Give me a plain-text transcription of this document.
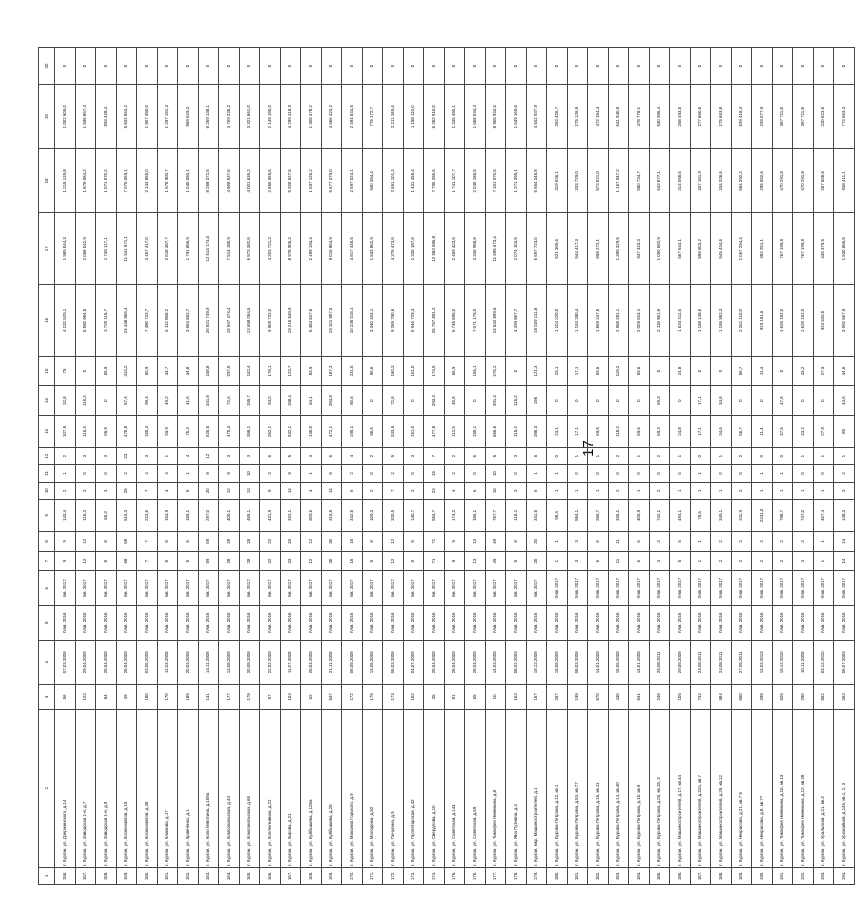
17
1	2	3	4	5	6	7	8	9	10	11	12	13	14	15	16	17	18	19	20
156.	г. Курган, ул. Дзержинского, д.14	56	07.03.2008	IVкв. 2016	Iкв. 2017	9	9	143,4	2	1	2	107,8	32,8	75	4 232 529,1	1 989 044,3	1 215 139,8	1 002 605,0	0
157.	г. Курган, ул. Заводская 1-я, д.7	123	29.04.2008	IVкв. 2016	Iкв. 2017	12	12	116,3	3	0	3	116,3	116,3	0	5 550 984,5	2 068 042,9	1 876 084,2	1 596 857,4	0
158.	г. Курган, ул. Заводская 1-я, д.9	84	25.04.2008	IVкв. 2016	Iкв. 2017	8	8	65,3	3	0	3	65,9	0	65,9	3 720 115,7	1 748 117,1	1 071 570,2	893 428,4	0
159.	г. Курган, ул. Космонавтов, д.15	49	25.04.2008	IVкв. 2016	Iкв. 2017	68	68	516,3	25	2	23	470,8	57,4	413,2	24 448 806,4	11 541 871,1	7 075 069,1	5 832 863,2	0
160.	г. Курган, ул. Космонавтов, д.38	180	03.06.2008	IVкв. 2016	Iкв. 2017	7	7	223,6	7	4	3	160,3	99,4	60,9	7 480 733,7	3 457 417,0	2 143 865,0	1 807 450,0	0
161.	г. Курган, ул. Климова, д.17	170	11.03.2008	IVкв. 2016	Iкв. 2017	8	8	154,9	4	3	1	93,9	49,2	44,7	6 112 868,2	2 618 387,7	1 678 900,7	1 297 151,3	0
162.	г. Курган, ул. Кравченко, д.1	186	20.03.2008	IVкв. 2016	Iкв. 2017	5	5	155,1	5	1	4	76,3	41,6	34,8	3 654 652,7	1 791 856,9	1 040 050,1	859 629,3	0
163.	г. Курган, ул. Коли Мяготина, д.159а	141	14.11.2008	IVкв. 2016	Iкв. 2017	59	59	297,0	20	8	12	620,6	341,8	248,8	26 821 749,9	12 614 174,0	8 268 372,5	6 269 138,1	0
164.	г. Курган, ул. Комсомольская, д.44	177	13.08.2008	IVкв. 2016	Iкв. 2017	28	28	400,1	12	9	3	470,4	72,6	297,8	15 947 474,4	7 514 180,9	4 808 537,6	3 769 235,2	0
165.	г. Курган, ул. Комсомольская, д.68	178	20.08.2008	IVкв. 2016	Iкв. 2017	28	28	465,1	13	10	3	358,1	155,7	242,4	13 658 054,6	6 573 382,6	4 001 636,2	3 321 661,0	0
166.	г. Курган, ул. Коллективная, д.22	57	22.02.2008	IVкв. 2016	Iкв. 2017	22	22	431,9	9	3	6	262,1	94,0	178,1	9 909 732,0	4 203 721,2	2 856 659,6	2 149 150,0	0
167.	г. Курган, ул. Кирова, д.21	104	11.07.2008	IVкв. 2016	Iкв. 2017	33	33	332,1	14	9	5	332,1	158,4	123,7	19 216 549,9	8 978 906,2	5 928 527,5	4 299 418,9	0
168.	г. Курган, ул. Куйбышева, д.125а	62	25.04.2008	IVкв. 2016	Iкв. 2017	12	12	209,6	4	1	3	136,0	54,1	83,9	5 484 637,6	2 499 194,4	1 697 126,2	1 308 478,2	0
169.	г. Курган, ул. Куйбышева, д.28	547	21.11.2008	IVкв. 2016	Iкв. 2017	30	30	315,5	14	8	6	472,1	284,8	187,3	19 101 807,6	9 015 864,9	5 677 379,0	4 556 423,2	0
170.	г. Курган, ул. Максима Горького, д.9	172	06.05.2008	IVкв. 2016	Iкв. 2017	16	16	342,6	6	2	4	195,1	60,6	231,5	10 236 015,1	4 817 446,5	2 697 024,1	2 494 544,5	0
171.	г. Курган, ул. Молодежи, д.82	176	13.05.2008	IVкв. 2016	Iкв. 2017	8	8	109,3	2	0	2	96,6	0	96,6	3 340 334,1	1 533 852,9	940 354,4	775 172,7	0
172.	г. Курган, ул. Пичугина, д.9	173	06.03.2008	IVкв. 2016	Iкв. 2017	12	12	320,5	7	2	5	333,5	72,6	160,3	9 289 750,6	4 376 473,6	2 651 101,3	2 211 189,4	0
173.	г. Курган, ул. Пролетарская, д.42	102	04.07.2008	IVкв. 2016	Iкв. 2017	8	8	140,7	3	0	3	161,0	0	161,0	6 946 729,4	2 335 187,6	1 431 455,4	1 185 110,0	0
174.	г. Курган, ул. Свердлова, д.10	35	25.04.2008	IVкв. 2016	Iкв. 2017	71	71	584,7	23	16	7	477,8	393,3	174,5	26 757 891,3	12 583 586,8	7 796 396,5	6 352 910,0	0
175.	г. Курган, ул. Советская, д.144	81	28.04.2008	IVкв. 2016	Iкв. 2017	9	9	174,2	4	2	2	112,5	45,5	66,9	5 745 895,0	2 459 423,6	1 741 107,7	1 335 450,1	0
176.	г. Курган, ул. Советская, д.69	65	25.04.2008	IVкв. 2016	Iкв. 2017	13	13	186,1	6	0	6	155,1	0	155,1	7 071 175,0	3 336 955,8	2 046 185,5	1 668 034,3	0
177.	г. Курган, ул. Тимофея Невежина, д.8	10	14.03.2008	IVкв. 2016	Iкв. 2017	49	49	787,7	15	10	5	566,5	391,3	276,2	24 542 899,5	11 695 673,4	7 101 970,5	5 905 933,6	0
178.	г. Курган, ул. Яна Путнина, д.4	163	08.02.2009	IVкв. 2016	Iкв. 2017	8	8	115,2	3	0	3	115,2	115,2	0	4 399 867,7	2 074 103,6	1 271 395,1	1 049 169,6	0
179.	г. Курган, мкр. Машиностроителей, д.1	167	19.12.2008	IVкв. 2016	Iкв. 2017	20	20	341,6	6	1	5	286,3	195	121,3	16 039 111,8	6 697 723,0	5 664 345,8	4 542 937,9	0
180.	г. Курган, ул. Бурова-Петрова, д.12, кв.1	257	15.08.2008	IVкв. 2016	IVкв. 2017	1	1	98,3	1	1	0	23,1	0	23,1	1 104 220,0	521 365,6	319 626,1	263 426,7	0
181.	г. Курган, ул. Бурова-Петрова, д.53, кв.77	195	08.03.2008	IVкв. 2016	IVкв. 2017	3	3	584,1	1	0	1	17,1	0	17,1	1 153 280,4	544 417,3	333 729,0	275 126,8	0
182.	г. Курган, ул. Бурова-Петрова, д.16, кв.11	570	14.01.2008	IVкв. 2016	IVкв. 2017	6	6	266,7	1	0	1	69,5	0	69,5	1 869 347,5	898 272,1	573 021,0	472 154,4	0
183.	г. Курган, ул. Бурова-Петрова, д.14, кв.40	440	15.06.2008	IVкв. 2016	IVкв. 2017	11	11	336,1	2	0	2	118,2	0	118,2	2 968 281,1	1 399 329,5	1 167 947,2	641 940,8	0
184.	г. Курган, ул. Бурова-Петрова, д.16, кв.9	841	14.01.2008	IVкв. 2016	IVкв. 2017	6	6	405,9	1	0	1	59,6	0	59,6	2 009 624,1	947 423,3	580 734,7	478 778,1	0
185.	г. Курган, ул. Бурова-Петрова, д.26, кв.18, 3	246	25.08.2011	IVкв. 2016	IVкв. 2017	3	3	742,1	2	0	2	69,3	69,3	0	2 118 961,8	1 050 682,9	643 877,1	530 386,4	0
186.	г. Курган, ул. Машиностроителей, д.17, кв.44	105	29.06.2008	IVкв. 2016	IVкв. 2017	5	5	494,1	1	0	1	24,8	0	24,8	1 034 411,6	567 644,1	314 058,6	258 493,5	0
187.	г. Курган, ул. Машиностроителей, д.32а, кв.7	732	24.08.2011	IVкв. 2016	IVкв. 2017	1	1	78,5	1	1	0	17,1	17,1	0	1 158 138,6	558 603,2	337 161,9	277 860,6	0
188.	г. Курган, ул. Машиностроителей, д.25, кв.12	984	24.08.2011	IVкв. 2016	IVкв. 2017	2	2	349,1	1	0	1	34,6	34,6	0	1 155 952,3	545 434,6	334 326,5	275 663,8	0
189.	г. Курган, ул. Некрасова, д.21, кв.7 8	660	27.05.2011	IVкв. 2016	IVкв. 2017	2	2	311,9	2	0	2	56,7	0	56,7	2 261 110,0	1 067 294,4	654 392,2	539 418,4	0
190.	г. Курган, ул. Некрасова, д.8, кв.77	398	13.03.2019	IVкв. 2016	IVкв. 2017	2	2	2241,0	1	1	0	11,4	0	11,4	919 151,6	482 251,1	295 552,6	239 077,9	0
191.	г. Курган, ул. Тимофея Невежина, д.10, кв.13	526	19.12.2010	IVкв. 2016	IVкв. 2017	2	2	798,7	1	1	0	47,5	47,5	0	1 625 152,0	767 199,8	470 291,8	387 711,8	0
192.	г. Курган, ул. Тимофея Невежина, д.12, кв.28	290	10.11.2008	IVкв. 2016	IVкв. 2017	3	3	747,0	1	0	1	43,2	0	43,2	1 625 152,0	767 199,8	470 291,8	387 711,8	0
193.	г. Курган, ул. Уральская, д.21, кв.3	552	03.12.2010	IVкв. 2016	IVкв. 2017	1	1	467,4	1	0	1	27,9	0	27,9	924 626,0	436 379,5	267 608,8	220 623,8	0
194.	г. Курган, ул. Урожайная, д.145, кв.1, 2, 3	263	06.07.2009	IVкв. 2016	IVкв. 2017	14	14	148,3	3	2	1	89	44,6	44,6	3 992 667,9	1 530 866,5	938 411,1	773 563,3	0
